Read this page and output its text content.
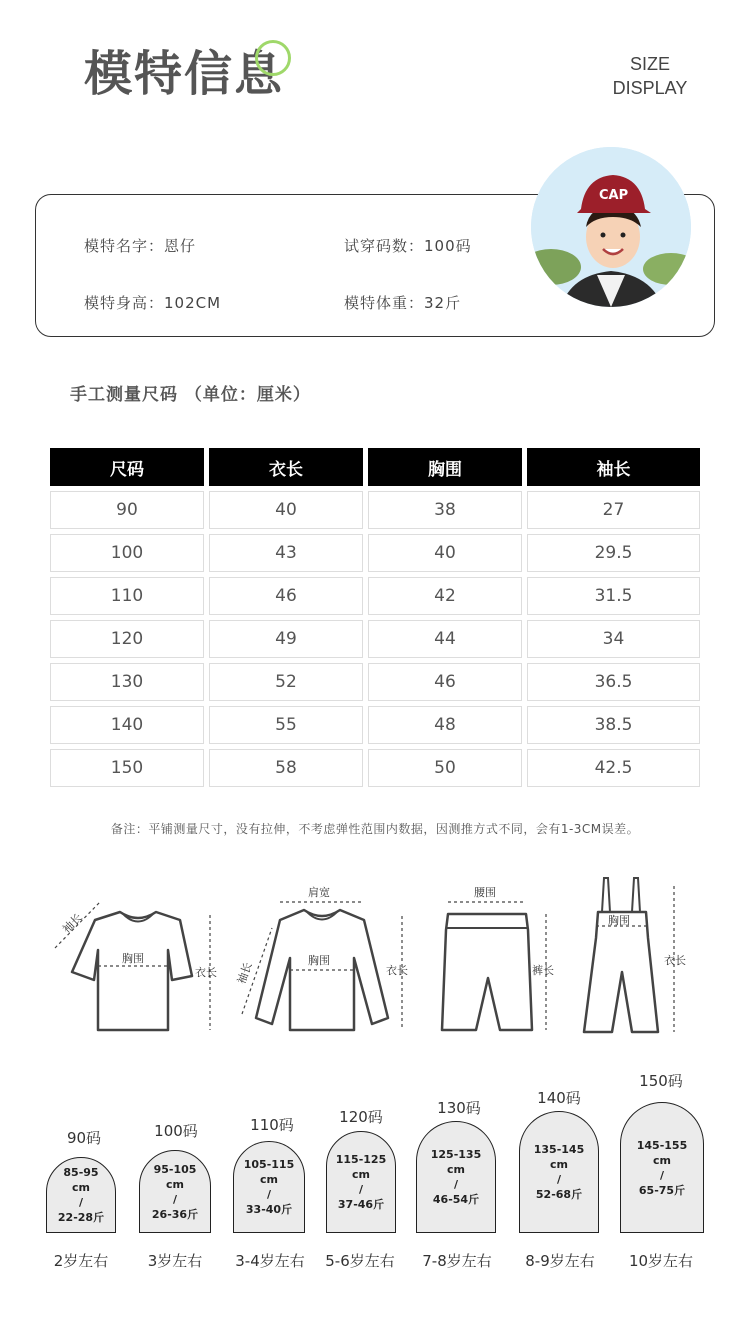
模特信息	SIZE
DISPLAY
模特名字：恩仔	试穿码数：100码
模特身高：102CM	模特体重：32斤
CAP
手工测量尺码 （单位：厘米）
尺码	衣长	胸围	袖长
90	40	38	27
100	43	40	29.5
110	46	42	31.5
120	49	44	34
130	52	46	36.5
140	55	48	38.5
150	58	50	42.5
备注：平铺测量尺寸，没有拉伸，不考虑弹性范围内数据，因测推方式不同，会有1-3CM误差。
袖长
胸围
衣长
肩宽
袖长
胸围
衣长
腰围
裤长
胸围
衣长
90码
85-95
cm
/
22-28斤
2岁左右
100码
95-105
cm
/
26-36斤
3岁左右
110码
105-115
cm
/
33-40斤
3-4岁左右
120码
115-125
cm
/
37-46斤
5-6岁左右
130码
125-135
cm
/
46-54斤
7-8岁左右
140码
135-145
cm
/
52-68斤
8-9岁左右
150码
145-155
cm
/
65-75斤
10岁左右
